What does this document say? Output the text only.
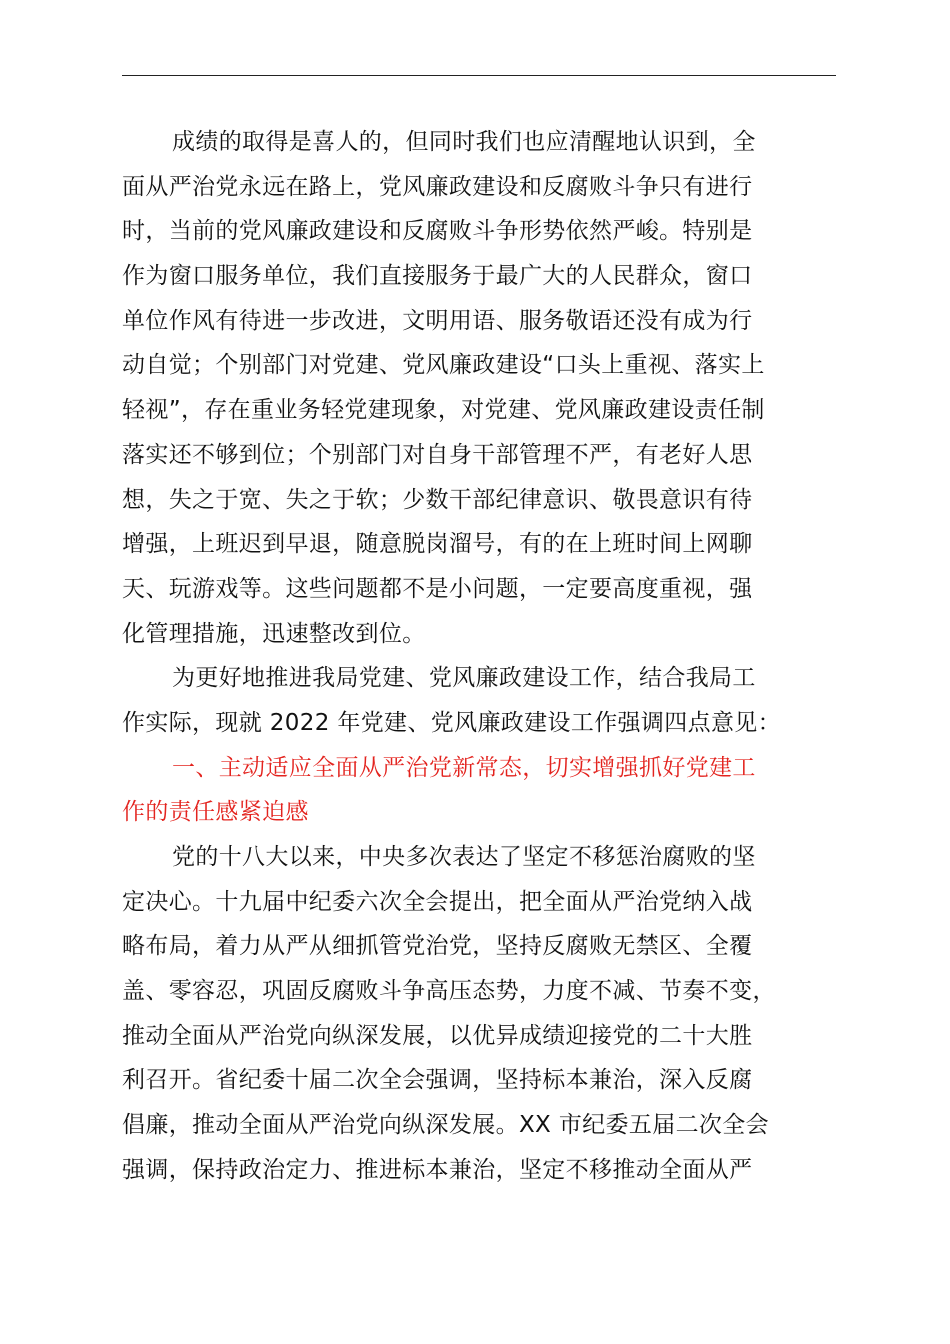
成绩的取得是喜人的，但同时我们也应清醒地认识到，全
面从严治党永远在路上，党风廉政建设和反腐败斗争只有进行
时，当前的党风廉政建设和反腐败斗争形势依然严峻。特别是
作为窗口服务单位，我们直接服务于最广大的人民群众，窗口
单位作风有待进一步改进，文明用语、服务敬语还没有成为行
动自觉；个别部门对党建、党风廉政建设“口头上重视、落实上
轻视”，存在重业务轻党建现象，对党建、党风廉政建设责任制
落实还不够到位；个别部门对自身干部管理不严，有老好人思
想，失之于宽、失之于软；少数干部纪律意识、敬畏意识有待
增强，上班迟到早退，随意脱岗溜号，有的在上班时间上网聊
天、玩游戏等。这些问题都不是小问题，一定要高度重视，强
化管理措施，迅速整改到位。

为更好地推进我局党建、党风廉政建设工作，结合我局工
作实际，现就 2022 年党建、党风廉政建设工作强调四点意见：

一、主动适应全面从严治党新常态，切实增强抓好党建工
作的责任感紧迫感

党的十八大以来，中央多次表达了坚定不移惩治腐败的坚
定决心。十九届中纪委六次全会提出，把全面从严治党纳入战
略布局，着力从严从细抓管党治党，坚持反腐败无禁区、全覆
盖、零容忍，巩固反腐败斗争高压态势，力度不减、节奏不变，
推动全面从严治党向纵深发展，以优异成绩迎接党的二十大胜
利召开。省纪委十届二次全会强调，坚持标本兼治，深入反腐
倡廉，推动全面从严治党向纵深发展。XX 市纪委五届二次全会
强调，保持政治定力、推进标本兼治，坚定不移推动全面从严
